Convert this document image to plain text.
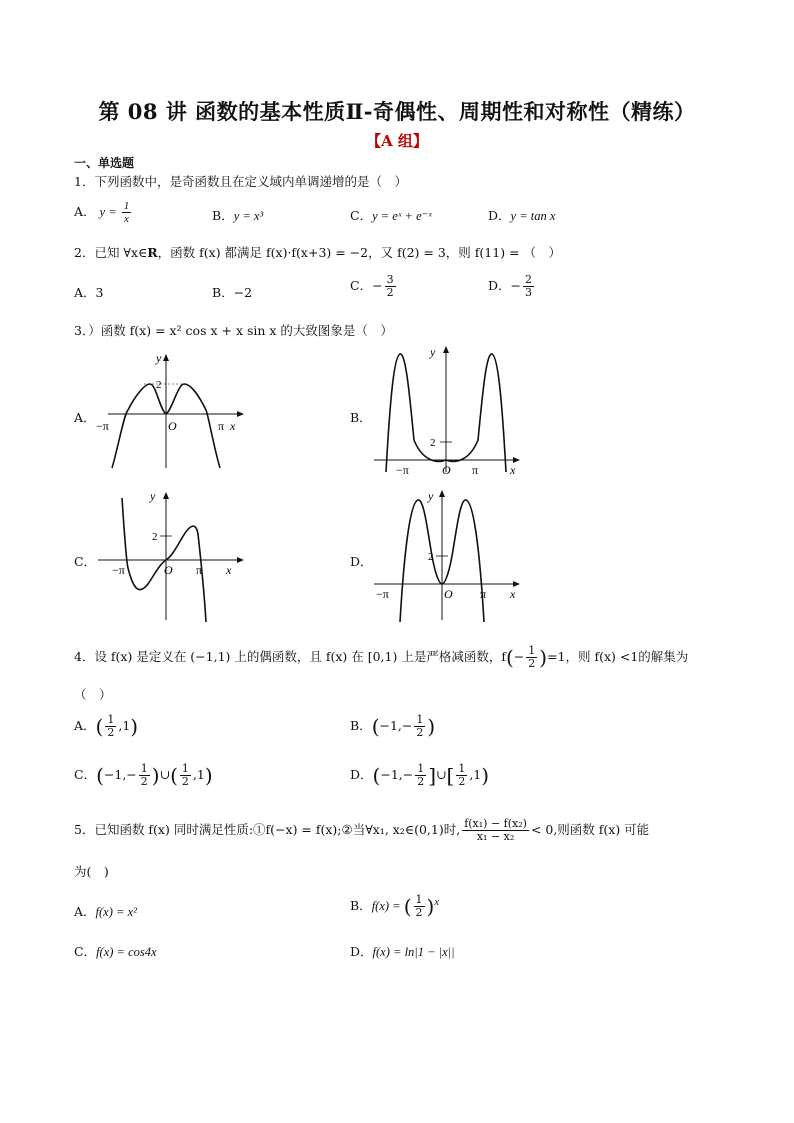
第 08 讲 函数的基本性质Ⅱ-奇偶性、周期性和对称性（精练）
【A 组】
一、单选题
1．下列函数中，是奇函数且在定义域内单调递增的是（　）
A． $y = \frac{1}{x}$	B．y = x³	C．y = eˣ + e⁻ˣ	D．y = tan x
2．已知 ∀x∈R，函数 f(x) 都满足 f(x)·f(x+3) = −2，又 f(2) = 3，则 f(11) = （　）
A．3	B．−2	C．− $\frac{3}{2}$	D．− $\frac{2}{3}$
3．）函数 f(x) = x² cos x + x sin x 的大致图象是（　）
A．
y
x
O
−π	π
2
B．
y
x
O
−π	π
2
C．
y
x
O
−π	π
2
D．
y
x
O
−π	π
2
4．设 f(x) 是定义在 (−1,1) 上的偶函数，且 f(x) 在 [0,1) 上是严格减函数，$f(- \frac{1}{2} )=1$，则 f(x) <1的解集为
（　）
A．( $\frac{1}{2} ,1$)	B．($-1,- \frac{1}{2}$ )
C．($-1,- \frac{1}{2}$ )∪( $\frac{1}{2} ,1$)	D．($-1,- \frac{1}{2}$ ]∪[ $\frac{1}{2} ,1$)
5．已知函数 f(x) 同时满足性质:①f(−x) = f(x);②当∀x₁, x₂∈(0,1)时, $\frac{\text{f(x₁) − f(x₂)}}{\text{x₁ − x₂}} < 0$,则函数 f(x) 可能
为(　)
A．f(x) = x²	B．f(x) = ( $\frac{1}{2} )^x$
C．f(x) = cos4x	D．f(x) = ln|1 − |x||
